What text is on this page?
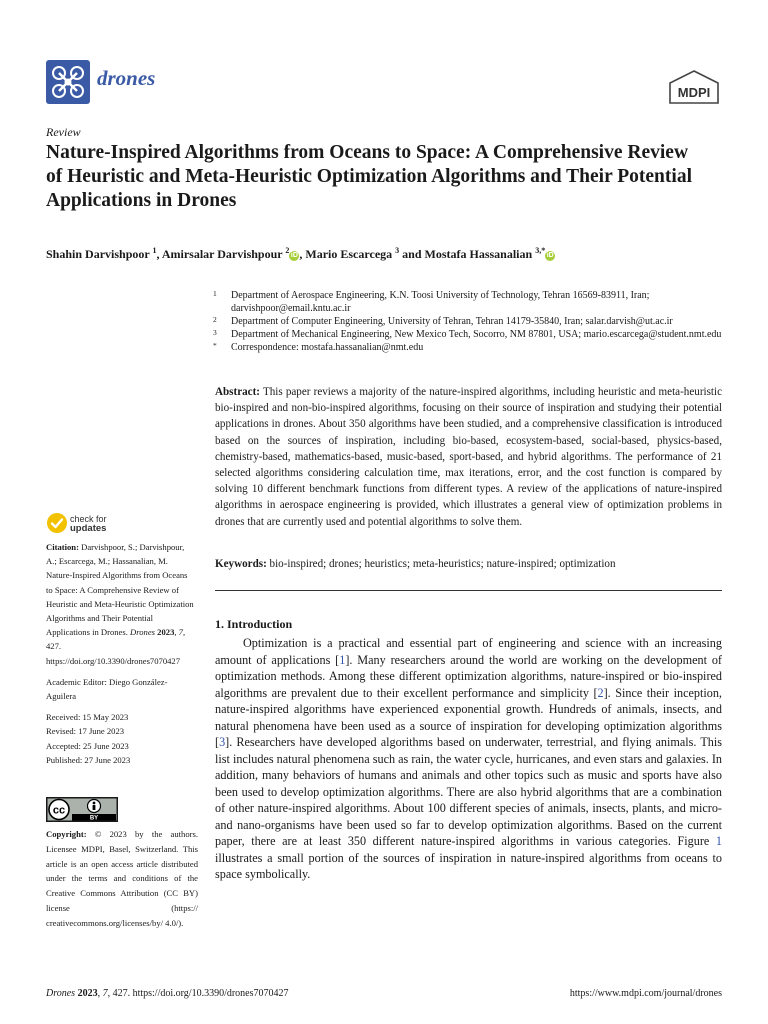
drones
MDPI
Review
Nature-Inspired Algorithms from Oceans to Space: A Comprehensive Review of Heuristic and Meta-Heuristic Optimization Algorithms and Their Potential Applications in Drones
Shahin Darvishpoor $^1$, Amirsalar Darvishpour $^2$iD , Mario Escarcega $^3$ and Mostafa Hassanalian $^{3,*}$iD
1	Department of Aerospace Engineering, K.N. Toosi University of Technology, Tehran 16569-83911, Iran; darvishpoor@email.kntu.ac.ir
2	Department of Computer Engineering, University of Tehran, Tehran 14179-35840, Iran; salar.darvish@ut.ac.ir
3	Department of Mechanical Engineering, New Mexico Tech, Socorro, NM 87801, USA; mario.escarcega@student.nmt.edu
*	Correspondence: mostafa.hassanalian@nmt.edu

Abstract: This paper reviews a majority of the nature-inspired algorithms, including heuristic and meta-heuristic bio-inspired and non-bio-inspired algorithms, focusing on their source of inspiration and studying their potential applications in drones. About 350 algorithms have been studied, and a comprehensive classification is introduced based on the sources of inspiration, including bio-based, ecosystem-based, social-based, physics-based, chemistry-based, mathematics-based, music-based, sport-based, and hybrid algorithms. The performance of 21 selected algorithms considering calculation time, max iterations, error, and the cost function is compared by solving 10 different benchmark functions from different types. A review of the applications of nature-inspired algorithms in aerospace engineering is provided, which illustrates a general view of optimization problems in drones that are currently used and potential algorithms to solve them.

Keywords: bio-inspired; drones; heuristics; meta-heuristics; nature-inspired; optimization

1. Introduction

Optimization is a practical and essential part of engineering and science with an increasing amount of applications [1]. Many researchers around the world are working on the development of optimization methods. Among these different optimization algorithms, nature-inspired or bio-inspired algorithms are prevalent due to their excellent performance and simplicity [2]. Since their inception, nature-inspired algorithms have experienced exponential growth. Hundreds of animals, insects, and natural phenomena have been used as a source of inspiration for developing optimization algorithms [3]. Researchers have developed algorithms based on underwater, terrestrial, and flying animals. This list includes natural phenomena such as rain, the water cycle, hurricanes, and even stars and galaxies. In addition, many behaviors of humans and animals and other topics such as music and sports have also been used to develop optimization algorithms. There are also hybrid algorithms that are a combination of other nature-inspired algorithms. About 100 different species of animals, insects, plants, and micro- and nano-organisms have been used so far to develop optimization algorithms. Based on the current paper, there are at least 350 different nature-inspired algorithms in various categories. Figure 1 illustrates a small portion of the sources of inspiration in nature-inspired algorithms from oceans to space symbolically.

check for
updates
Citation: Darvishpoor, S.; Darvishpour, A.; Escarcega, M.; Hassanalian, M. Nature-Inspired Algorithms from Oceans to Space: A Comprehensive Review of Heuristic and Meta-Heuristic Optimization Algorithms and Their Potential Applications in Drones. Drones 2023, 7, 427. https://doi.org/10.3390/drones7070427
Academic Editor: Diego González-Aguilera
Received: 15 May 2023
Revised: 17 June 2023
Accepted: 25 June 2023
Published: 27 June 2023
cc
BY

Copyright: © 2023 by the authors. Licensee MDPI, Basel, Switzerland. This article is an open access article distributed under the terms and conditions of the Creative Commons Attribution (CC BY) license (https:// creativecommons.org/licenses/by/ 4.0/).

Drones 2023, 7, 427. https://doi.org/10.3390/drones7070427	https://www.mdpi.com/journal/drones
